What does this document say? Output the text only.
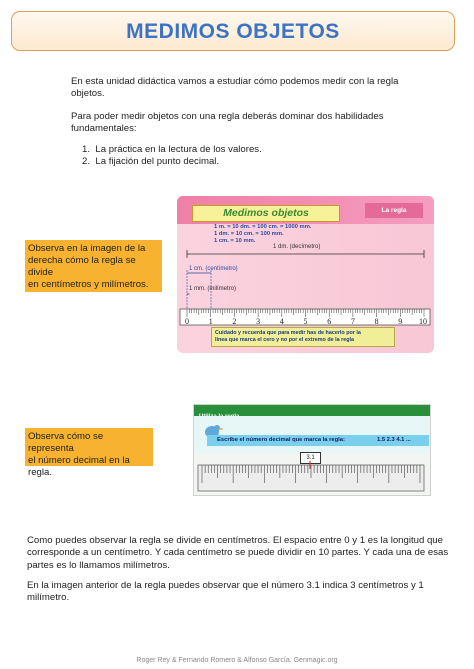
MEDIMOS OBJETOS
En esta unidad didáctica vamos a estudiar cómo podemos medir con la regla
objetos.
Para poder medir objetos con una regla deberás dominar dos habilidades
fundamentales:
1. La práctica en la lectura de los valores.
2. La fijación del punto decimal.
Observa en la imagen de la
derecha cómo la regla se divide
en centímetros y milímetros.
Medimos objetos	La regla
1 m. = 10 dm. = 100 cm. = 1000 mm.
1 dm. = 10 cm. = 100 mm.
1 cm. = 10 mm.
1 dm. (decímetro)
1 cm. (centímetro)
1 mm. (milímetro)
0 1 2 3 4 5 6 7 8 9 10
Cuidado y recuerda que para medir has de hacerlo por la
línea que marca el cero y no por el extremo de la regla
Observa cómo se representa
el número decimal en la
regla.
Escribe el número decimal que marca la regla:	1.5 2.3 4.1 ...
3.1
Como puedes observar la regla se divide en centímetros. El espacio entre 0 y 1 es la longitud que
corresponde a un centímetro. Y cada centímetro se puede dividir en 10 partes. Y cada una de esas
partes es lo llamamos milímetros.
En la imagen anterior de la regla puedes observar que el número 3.1 indica 3 centímetros y 1
milímetro.
Roger Rey & Fernando Romero & Alfonso García. Genmagic.org
